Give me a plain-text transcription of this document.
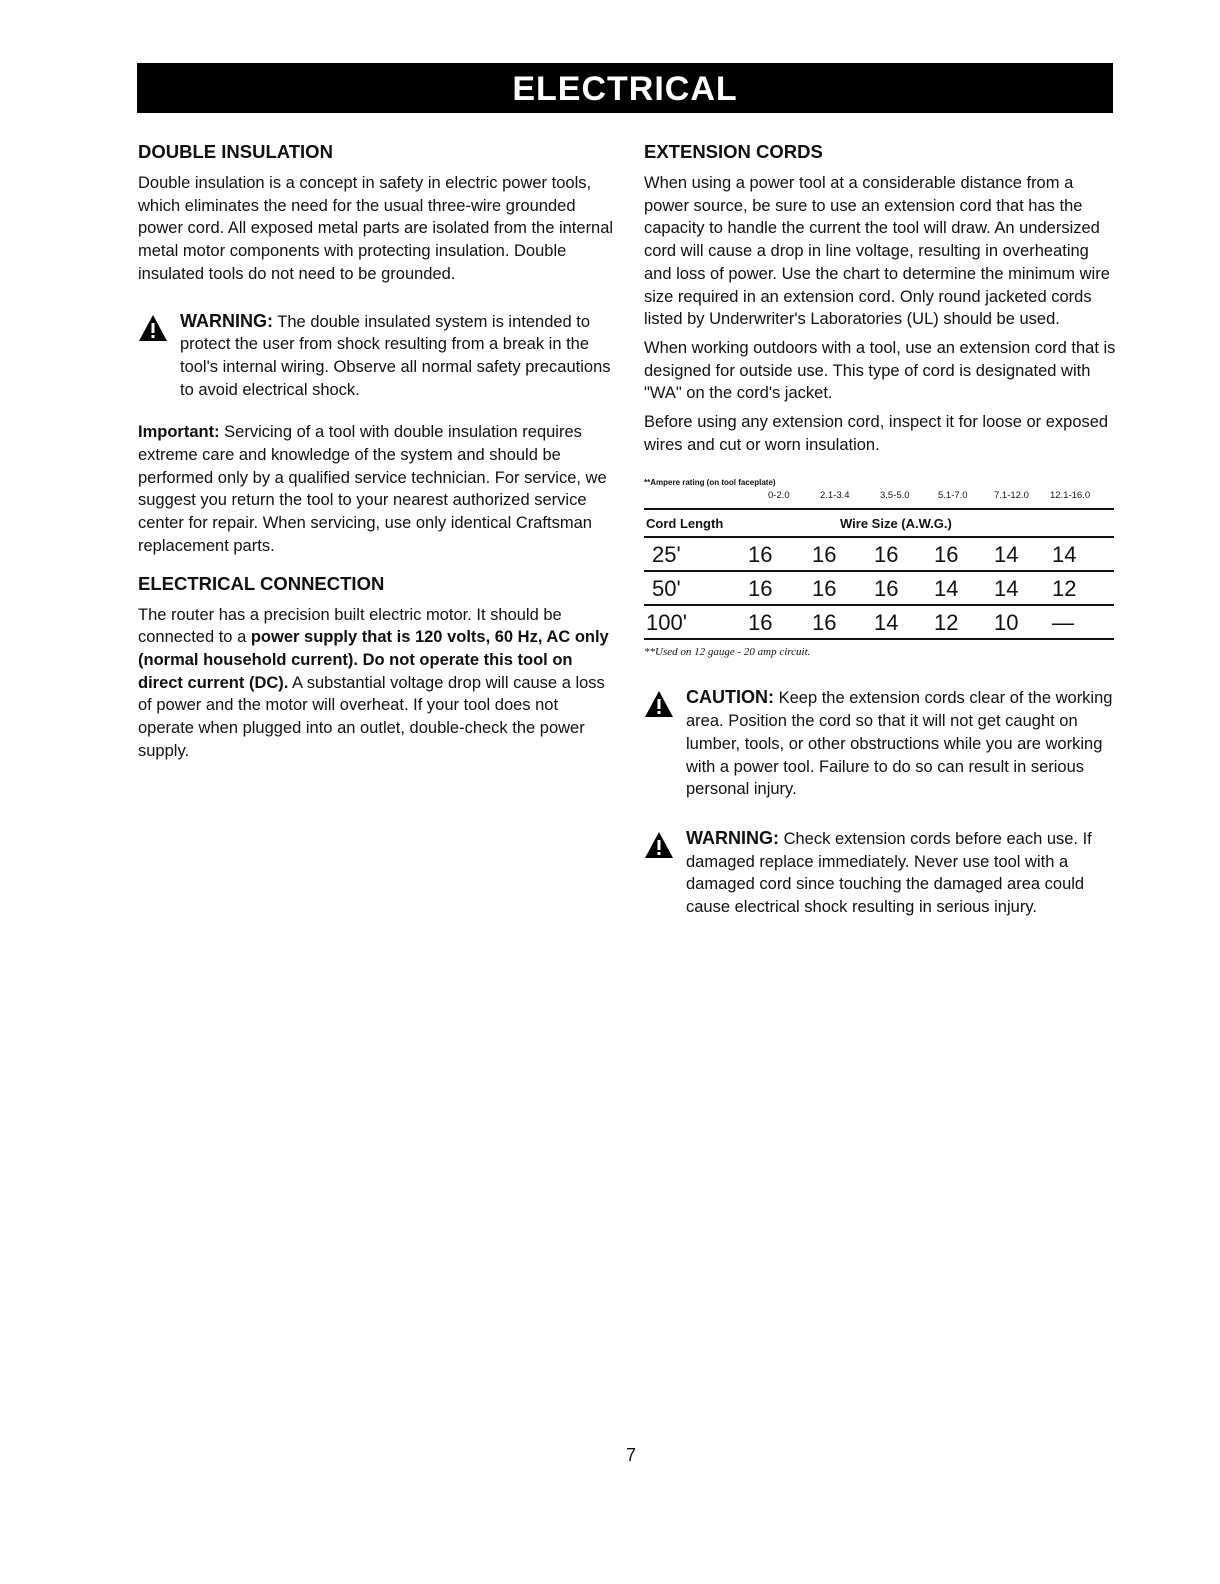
ELECTRICAL
DOUBLE INSULATION

Double insulation is a concept in safety in electric power tools, which eliminates the need for the usual three-wire grounded power cord. All exposed metal parts are isolated from the internal metal motor components with protecting insulation. Double insulated tools do not need to be grounded.

WARNING: The double insulated system is intended to protect the user from shock resulting from a break in the tool's internal wiring. Observe all normal safety precautions to avoid electrical shock.

Important: Servicing of a tool with double insulation requires extreme care and knowledge of the system and should be performed only by a qualified service technician. For service, we suggest you return the tool to your nearest authorized service center for repair. When servicing, use only identical Craftsman replacement parts.

ELECTRICAL CONNECTION

The router has a precision built electric motor. It should be connected to a power supply that is 120 volts, 60 Hz, AC only (normal household current). Do not operate this tool on direct current (DC). A substantial voltage drop will cause a loss of power and the motor will overheat. If your tool does not operate when plugged into an outlet, double-check the power supply.

EXTENSION CORDS

When using a power tool at a considerable distance from a power source, be sure to use an extension cord that has the capacity to handle the current the tool will draw. An undersized cord will cause a drop in line voltage, resulting in overheating and loss of power. Use the chart to determine the minimum wire size required in an extension cord. Only round jacketed cords listed by Underwriter's Laboratories (UL) should be used.

When working outdoors with a tool, use an extension cord that is designed for outside use. This type of cord is designated with "WA" on the cord's jacket.

Before using any extension cord, inspect it for loose or exposed wires and cut or worn insulation.

**Ampere rating (on tool faceplate)
0-2.0	2.1-3.4	3.5-5.0	5.1-7.0	7.1-12.0 12.1-16.0
Cord Length	Wire Size (A.W.G.)
25'	16 16 16 16 14 14
50'	16 16 16 14 14 12
100'	16 16 14 12 10 —
**Used on 12 gauge - 20 amp circuit.

CAUTION: Keep the extension cords clear of the working area. Position the cord so that it will not get caught on lumber, tools, or other obstructions while you are working with a power tool. Failure to do so can result in serious personal injury.

WARNING: Check extension cords before each use. If damaged replace immediately. Never use tool with a damaged cord since touching the damaged area could cause electrical shock resulting in serious injury.

7
